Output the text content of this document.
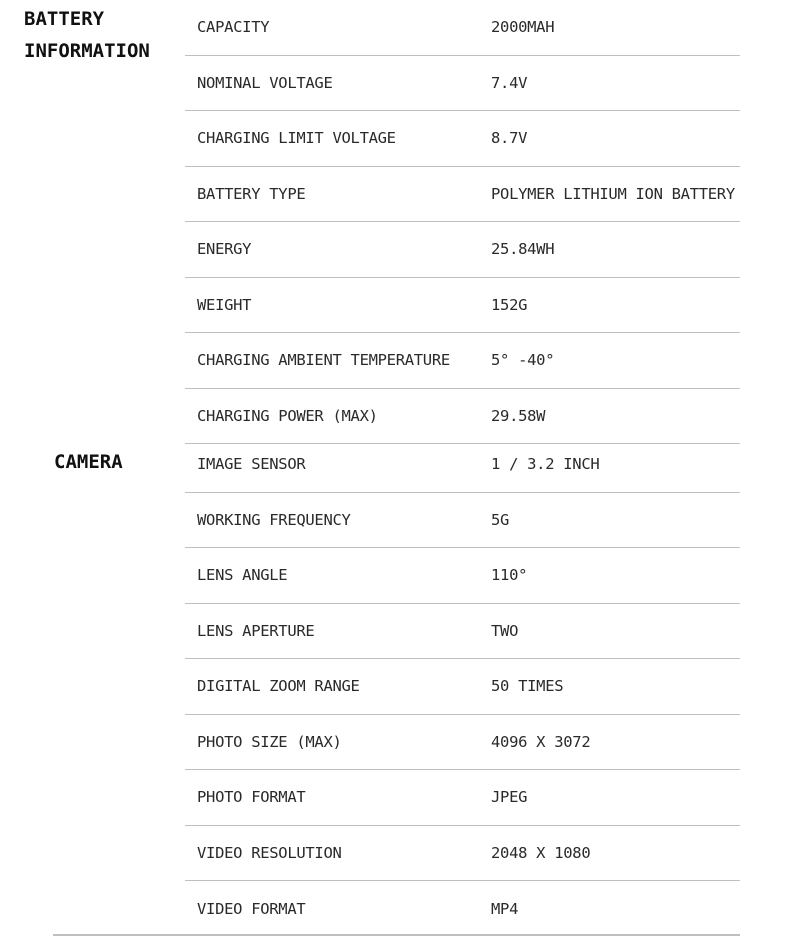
BATTERY
INFORMATION
CAPACITY	2000MAH
NOMINAL VOLTAGE	7.4V
CHARGING LIMIT VOLTAGE	8.7V
BATTERY TYPE	POLYMER LITHIUM ION BATTERY
ENERGY	25.84WH
WEIGHT	152G
CHARGING AMBIENT TEMPERATURE	5° -40°
CHARGING POWER (MAX)	29.58W
CAMERA	IMAGE SENSOR	1 / 3.2 INCH
WORKING FREQUENCY	5G
LENS ANGLE	110°
LENS APERTURE	TWO
DIGITAL ZOOM RANGE	50 TIMES
PHOTO SIZE (MAX)	4096 X 3072
PHOTO FORMAT	JPEG
VIDEO RESOLUTION	2048 X 1080
VIDEO FORMAT	MP4
